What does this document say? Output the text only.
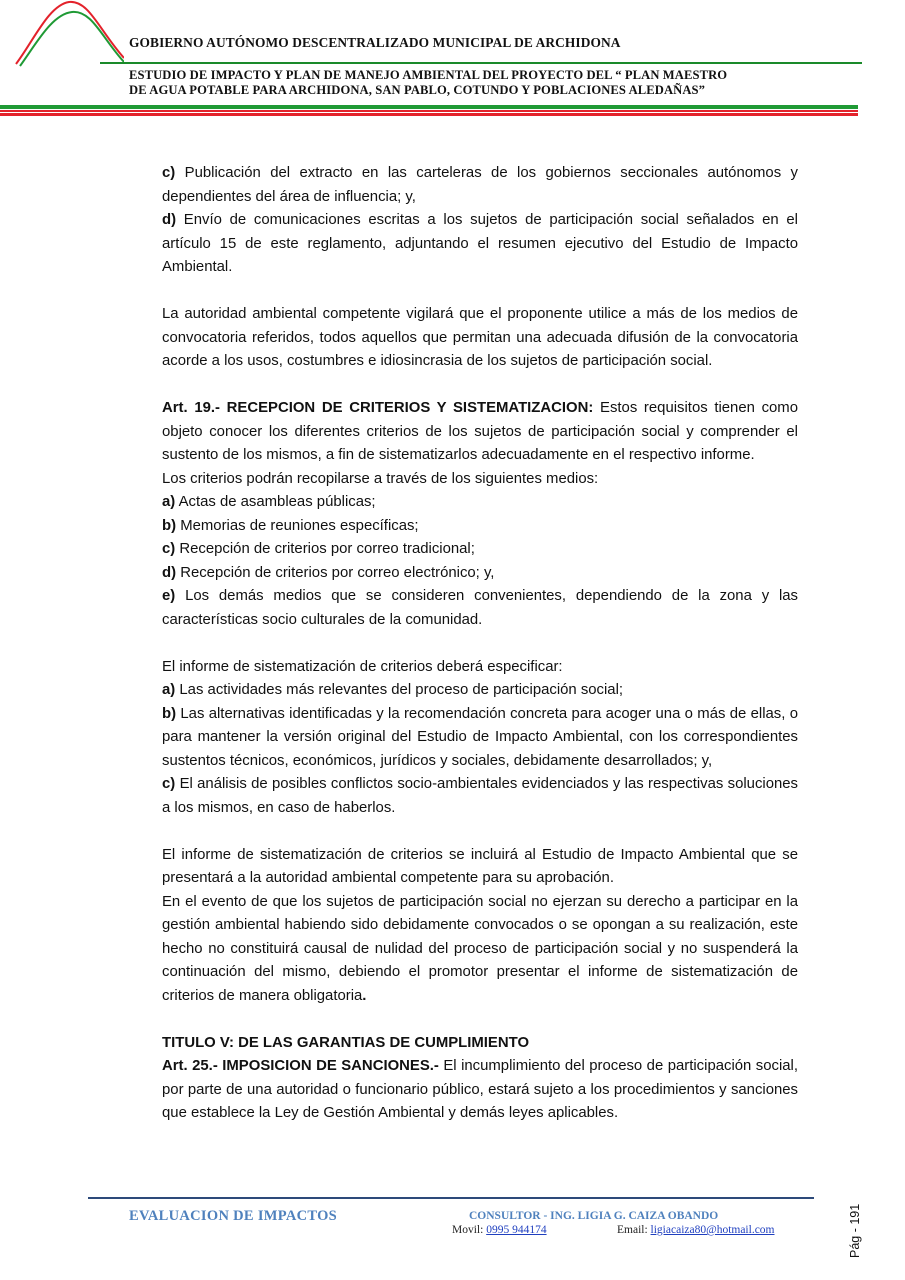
GOBIERNO AUTÓNOMO DESCENTRALIZADO MUNICIPAL DE ARCHIDONA
ESTUDIO DE IMPACTO Y PLAN DE MANEJO AMBIENTAL DEL PROYECTO DEL “ PLAN MAESTRO
DE AGUA POTABLE PARA ARCHIDONA, SAN PABLO, COTUNDO Y POBLACIONES ALEDAÑAS”

c) Publicación del extracto en las carteleras de los gobiernos seccionales autónomos y dependientes del área de influencia; y,

d) Envío de comunicaciones escritas a los sujetos de participación social señalados en el artículo 15 de este reglamento, adjuntando el resumen ejecutivo del Estudio de Impacto Ambiental.

La autoridad ambiental competente vigilará que el proponente utilice a más de los medios de convocatoria referidos, todos aquellos que permitan una adecuada difusión de la convocatoria acorde a los usos, costumbres e idiosincrasia de los sujetos de participación social.

Art. 19.- RECEPCION DE CRITERIOS Y SISTEMATIZACION: Estos requisitos tienen como objeto conocer los diferentes criterios de los sujetos de participación social y comprender el sustento de los mismos, a fin de sistematizarlos adecuadamente en el respectivo informe.

Los criterios podrán recopilarse a través de los siguientes medios:

a) Actas de asambleas públicas;

b) Memorias de reuniones específicas;

c) Recepción de criterios por correo tradicional;

d) Recepción de criterios por correo electrónico; y,

e) Los demás medios que se consideren convenientes, dependiendo de la zona y las características socio culturales de la comunidad.

El informe de sistematización de criterios deberá especificar:

a) Las actividades más relevantes del proceso de participación social;

b) Las alternativas identificadas y la recomendación concreta para acoger una o más de ellas, o para mantener la versión original del Estudio de Impacto Ambiental, con los correspondientes sustentos técnicos, económicos, jurídicos y sociales, debidamente desarrollados; y,

c) El análisis de posibles conflictos socio-ambientales evidenciados y las respectivas soluciones a los mismos, en caso de haberlos.

El informe de sistematización de criterios se incluirá al Estudio de Impacto Ambiental que se presentará a la autoridad ambiental competente para su aprobación.

En el evento de que los sujetos de participación social no ejerzan su derecho a participar en la gestión ambiental habiendo sido debidamente convocados o se opongan a su realización, este hecho no constituirá causal de nulidad del proceso de participación social y no suspenderá la continuación del mismo, debiendo el promotor presentar el informe de sistematización de criterios de manera obligatoria.

TITULO V: DE LAS GARANTIAS DE CUMPLIMIENTO

Art. 25.- IMPOSICION DE SANCIONES.- El incumplimiento del proceso de participación social, por parte de una autoridad o funcionario público, estará sujeto a los procedimientos y sanciones que establece la Ley de Gestión Ambiental y demás leyes aplicables.

EVALUACION DE IMPACTOS	CONSULTOR - ING. LIGIA G. CAIZA OBANDO
Movil: 0995 944174	Email: ligiacaiza80@hotmail.com	Pág - 191
